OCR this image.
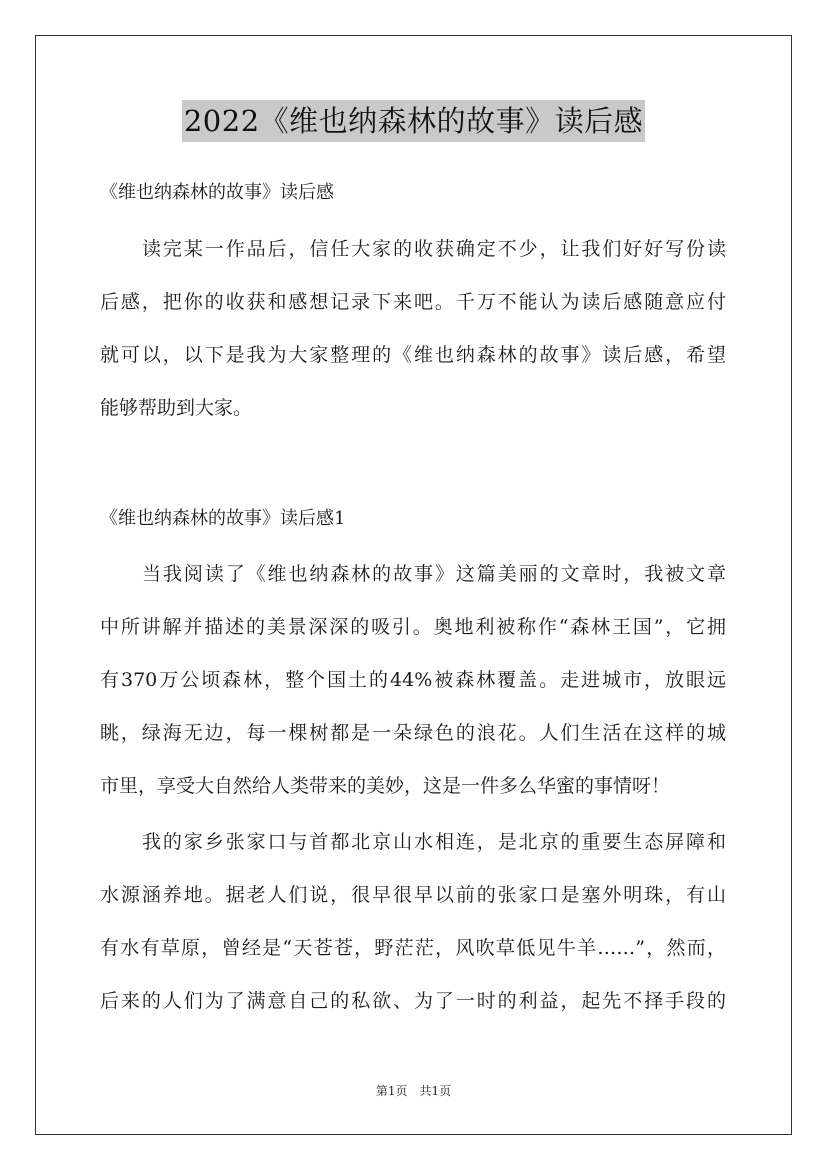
2022《维也纳森林的故事》读后感
《维也纳森林的故事》读后感
读完某一作品后，信任大家的收获确定不少，让我们好好写份读
后感，把你的收获和感想记录下来吧。千万不能认为读后感随意应付
就可以，以下是我为大家整理的《维也纳森林的故事》读后感，希望
能够帮助到大家。
《维也纳森林的故事》读后感1
当我阅读了《维也纳森林的故事》这篇美丽的文章时，我被文章
中所讲解并描述的美景深深的吸引。奥地利被称作“森林王国”，它拥
有370万公顷森林，整个国土的44%被森林覆盖。走进城市，放眼远
眺，绿海无边，每一棵树都是一朵绿色的浪花。人们生活在这样的城
市里，享受大自然给人类带来的美妙，这是一件多么华蜜的事情呀！
我的家乡张家口与首都北京山水相连，是北京的重要生态屏障和
水源涵养地。据老人们说，很早很早以前的张家口是塞外明珠，有山
有水有草原，曾经是“天苍苍，野茫茫，风吹草低见牛羊……”，然而，
后来的人们为了满意自己的私欲、为了一时的利益，起先不择手段的
第1页 共1页
